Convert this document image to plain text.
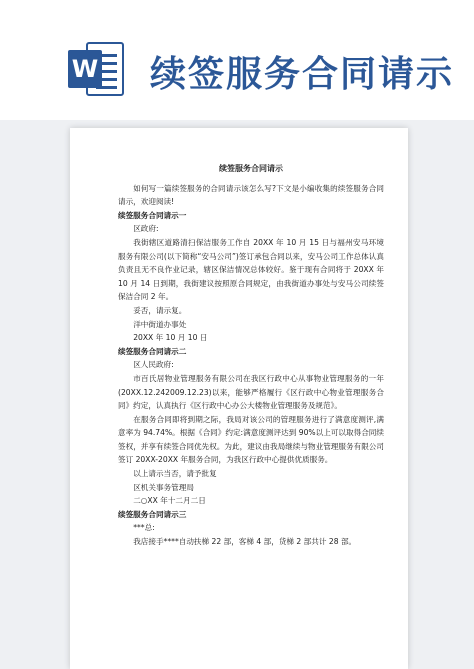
W 续签服务合同请示
续签服务合同请示

如何写一篇续签服务的合同请示该怎么写?下文是小编收集的续签服务合同请示，欢迎阅读!

续签服务合同请示一

区政府:

我街辖区道路清扫保洁服务工作自 20XX 年 10 月 15 日与福州安马环境服务有限公司(以下简称“安马公司”)签订承包合同以来，安马公司工作总体认真负责且无不良作业记录，辖区保洁情况总体较好。鉴于现有合同将于 20XX 年 10 月 14 日到期，我街建议按照原合同规定，由我街道办事处与安马公司续签保洁合同 2 年。

妥否，请示复。

洋中街道办事处

20XX 年 10 月 10 日

续签服务合同请示二

区人民政府:

市百氏居物业管理服务有限公司在我区行政中心从事物业管理服务的一年(20XX.12.242009.12.23)以来，能够严格履行《区行政中心物业管理服务合同》约定，认真执行《区行政中心办公大楼物业管理服务及规范》。

在服务合同即将到期之际，我局对该公司的管理服务进行了满意度测评,满意率为 94.74%。根据《合同》约定:满意度测评达到 90%以上可以取得合同续签权，并享有续签合同优先权。为此，建议由我局继续与物业管理服务有限公司签订 20XX-20XX 年服务合同，为我区行政中心提供优质服务。

以上请示当否，请予批复

区机关事务管理局

二○XX 年十二月二日

续签服务合同请示三

***总:

我店接手****自动扶梯 22 部，客梯 4 部，货梯 2 部共计 28 部。
